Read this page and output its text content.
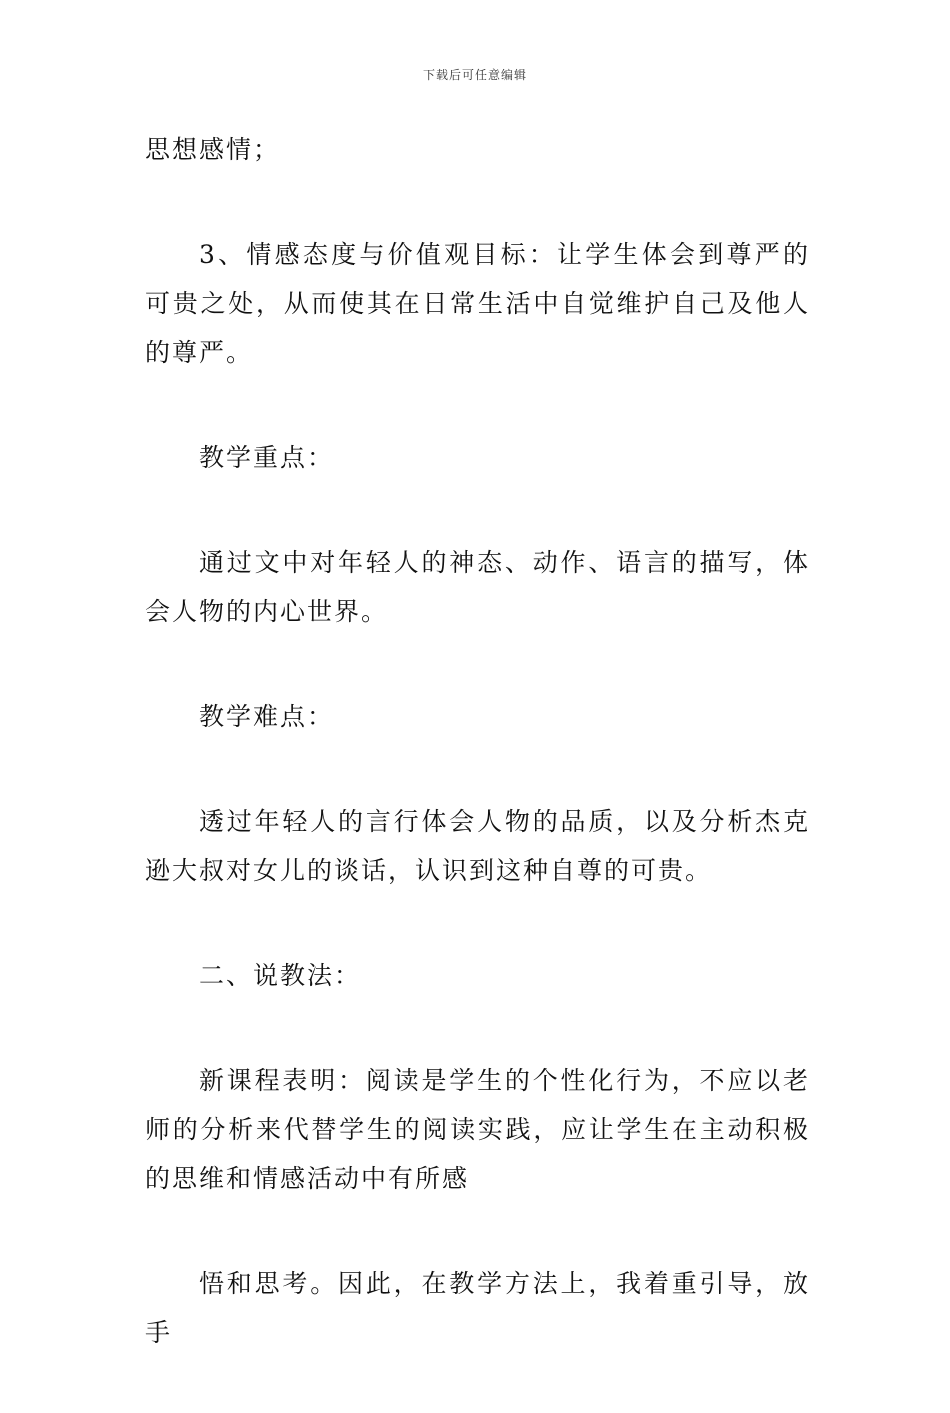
下载后可任意编辑

思想感情；

3、情感态度与价值观目标：让学生体会到尊严的可贵之处，从而使其在日常生活中自觉维护自己及他人的尊严。

教学重点：

通过文中对年轻人的神态、动作、语言的描写，体会人物的内心世界。

教学难点：

透过年轻人的言行体会人物的品质，以及分析杰克逊大叔对女儿的谈话，认识到这种自尊的可贵。

二、说教法：

新课程表明：阅读是学生的个性化行为，不应以老师的分析来代替学生的阅读实践，应让学生在主动积极的思维和情感活动中有所感

悟和思考。因此，在教学方法上，我着重引导，放手
